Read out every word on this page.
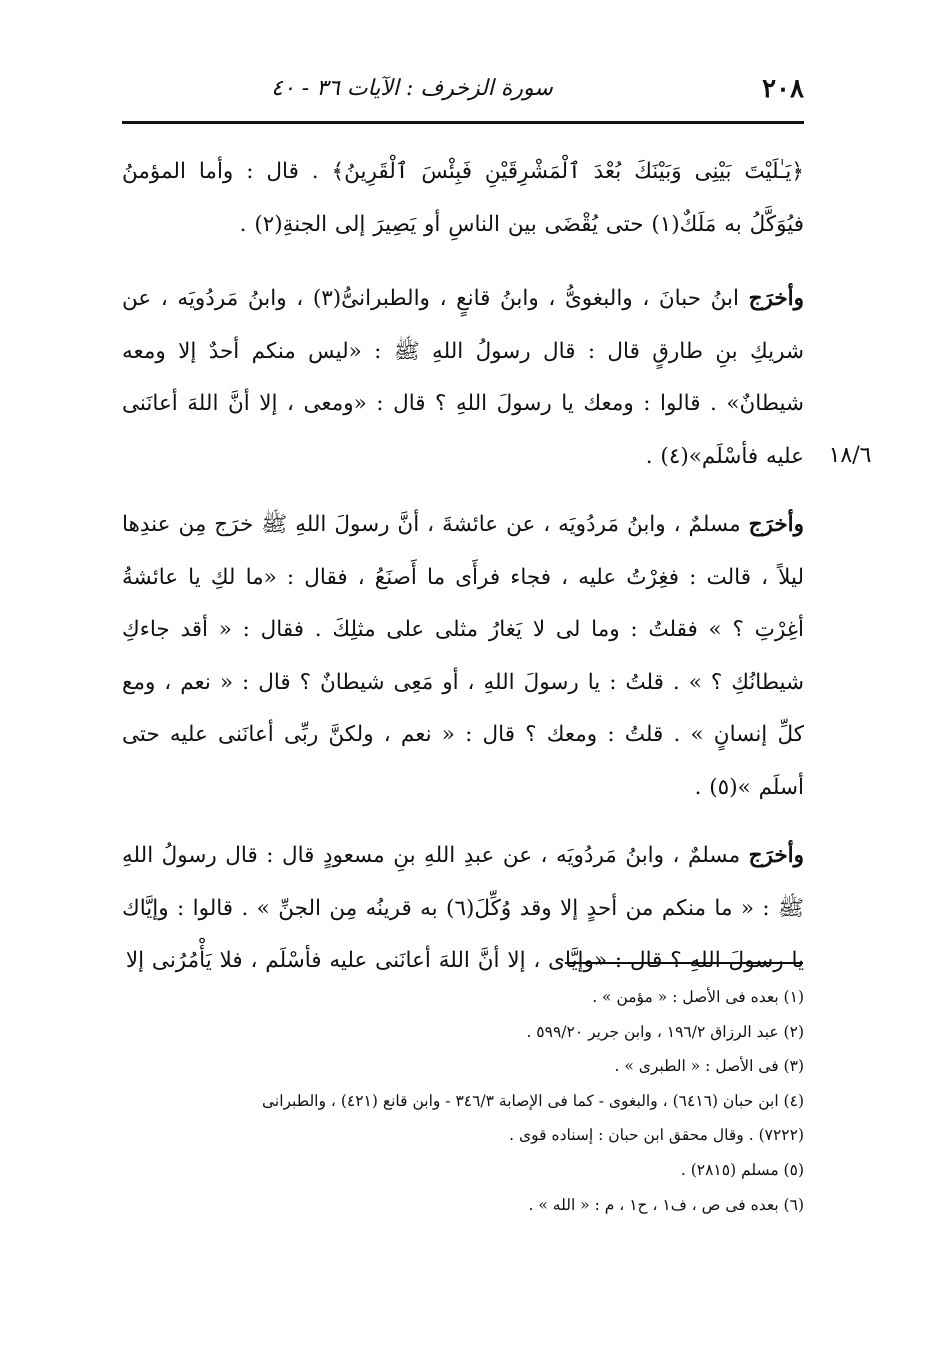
٢٠٨
سورة الزخرف : الآيات ٣٦ - ٤٠
١٨/٦

﴿يَـٰلَيْتَ بَيْنِى وَبَيْنَكَ بُعْدَ ٱلْمَشْرِقَيْنِ فَبِئْسَ ٱلْقَرِينُ﴾ . قال : وأما المؤمنُ فيُوَكَّلُ به مَلَكٌ(١) حتى يُقْضَى بين الناسِ أو يَصِيرَ إلى الجنةِ(٢) .

وأخرَج ابنُ حبانَ ، والبغوىُّ ، وابنُ قانعٍ ، والطبرانىُّ(٣) ، وابنُ مَردُويَه ، عن شريكِ بنِ طارقٍ قال : قال رسولُ اللهِ ﷺ : «ليس منكم أحدٌ إلا ومعه شيطانٌ» . قالوا : ومعك يا رسولَ اللهِ ؟ قال : «ومعى ، إلا أنَّ اللهَ أعانَنى عليه فأسْلَم»(٤) .

وأخرَج مسلمٌ ، وابنُ مَردُويَه ، عن عائشةَ ، أنَّ رسولَ اللهِ ﷺ خرَج مِن عندِها ليلاً ، قالت : فغِرْتُ عليه ، فجاء فرأَى ما أَصنَعُ ، فقال : «ما لكِ يا عائشةُ أغِرْتِ ؟ » فقلتُ : وما لى لا يَغارُ مثلى على مثلِكَ . فقال : « أقد جاءكِ شيطانُكِ ؟ » . قلتُ : يا رسولَ اللهِ ، أو مَعِى شيطانٌ ؟ قال : « نعم ، ومع كلِّ إنسانٍ » . قلتُ : ومعك ؟ قال : « نعم ، ولكنَّ ربِّى أعانَنى عليه حتى أسلَم »(٥) .

وأخرَج مسلمٌ ، وابنُ مَردُويَه ، عن عبدِ اللهِ بنِ مسعودٍ قال : قال رسولُ اللهِ ﷺ : « ما منكم من أحدٍ إلا وقد وُكِّلَ(٦) به قرينُه مِن الجنِّ » . قالوا : وإيَّاك يا رسولَ اللهِ ؟ قال : «وإيَّاى ، إلا أنَّ اللهَ أعانَنى عليه فأسْلَم ، فلا يَأْمُرُنى إلا

(١) بعده فى الأصل : « مؤمن » .

(٢) عبد الرزاق ١٩٦/٢ ، وابن جرير ٥٩٩/٢٠ .

(٣) فى الأصل : « الطبرى » .

(٤) ابن حبان (٦٤١٦) ، والبغوى - كما فى الإصابة ٣٤٦/٣ - وابن قانع (٤٢١) ، والطبرانى

(٧٢٢٢) . وقال محقق ابن حبان : إسناده قوى .

(٥) مسلم (٢٨١٥) .

(٦) بعده فى ص ، ف١ ، ح١ ، م : « الله » .
